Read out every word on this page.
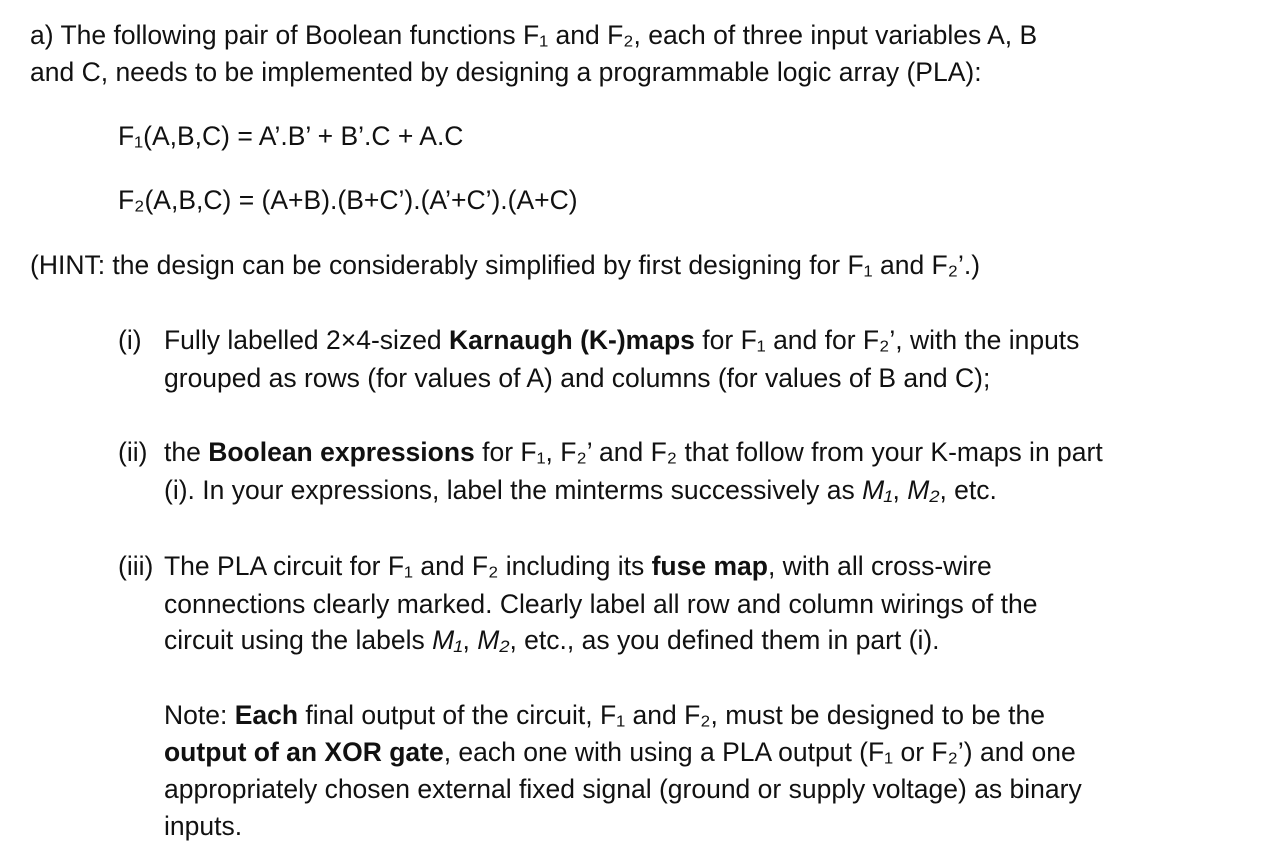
a) The following pair of Boolean functions F₁ and F₂, each of three input variables A, B
and C, needs to be implemented by designing a programmable logic array (PLA):
F₁(A,B,C) = A’.B’ + B’.C + A.C
F₂(A,B,C) = (A+B).(B+C’).(A’+C’).(A+C)
(HINT: the design can be considerably simplified by first designing for F₁ and F₂’.)
(i) Fully labelled 2×4-sized Karnaugh (K-)maps for F₁ and for F₂’, with the inputs
grouped as rows (for values of A) and columns (for values of B and C);
(ii) the Boolean expressions for F₁, F₂’ and F₂ that follow from your K-maps in part
(i). In your expressions, label the minterms successively as M₁, M₂, etc.
(iii) The PLA circuit for F₁ and F₂ including its fuse map, with all cross-wire
connections clearly marked. Clearly label all row and column wirings of the
circuit using the labels M₁, M₂, etc., as you defined them in part (i).
Note: Each final output of the circuit, F₁ and F₂, must be designed to be the
output of an XOR gate, each one with using a PLA output (F₁ or F₂’) and one
appropriately chosen external fixed signal (ground or supply voltage) as binary
inputs.
